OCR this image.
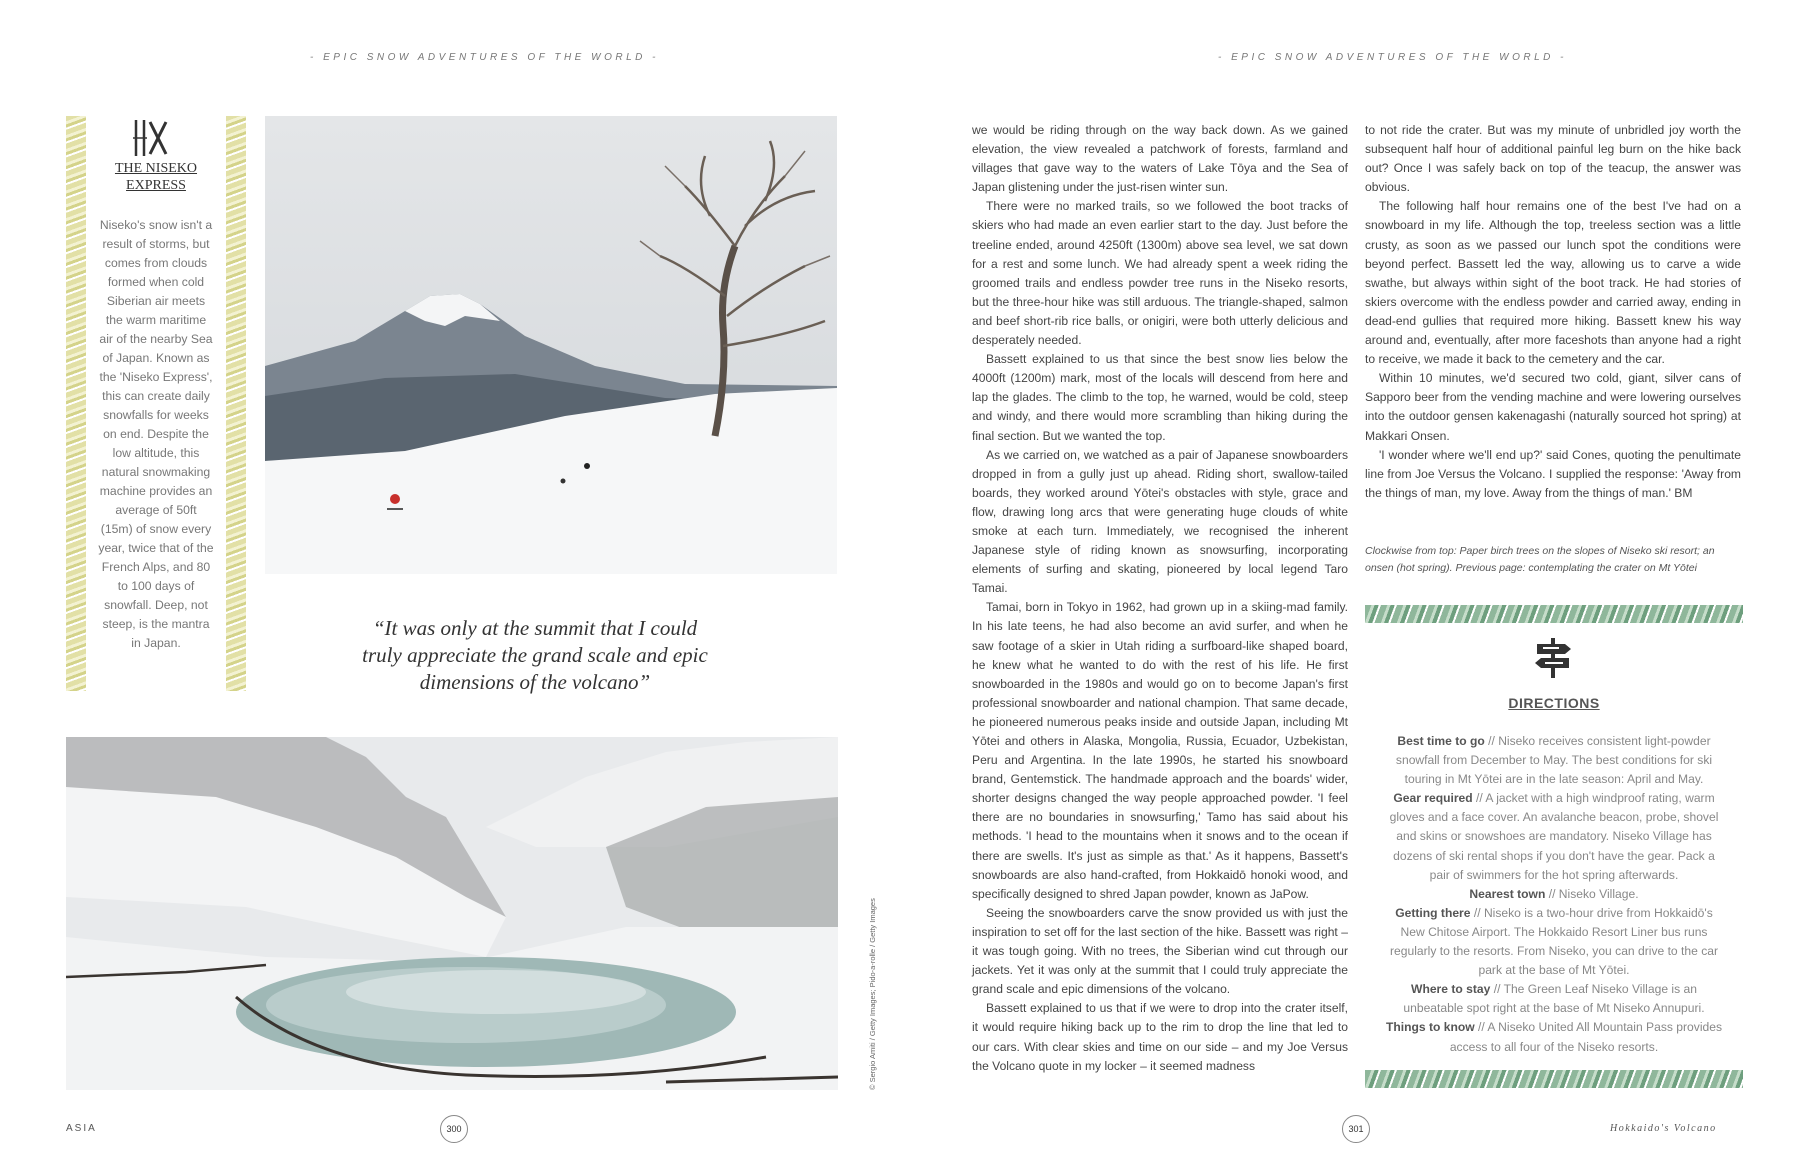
- EPIC SNOW ADVENTURES OF THE WORLD -	- EPIC SNOW ADVENTURES OF THE WORLD -
THE NISEKO
EXPRESS
Niseko's snow isn't a result of storms, but comes from clouds formed when cold Siberian air meets the warm maritime air of the nearby Sea of Japan. Known as the 'Niseko Express', this can create daily snowfalls for weeks on end. Despite the low altitude, this natural snowmaking machine provides an average of 50ft (15m) of snow every year, twice that of the French Alps, and 80 to 100 days of snowfall. Deep, not steep, is the mantra in Japan.
“It was only at the summit that I could truly appreciate the grand scale and epic dimensions of the volcano”
© Sergio Amiti / Getty Images; Pido-a-rolle / Getty Images

we would be riding through on the way back down. As we gained elevation, the view revealed a patchwork of forests, farmland and villages that gave way to the waters of Lake Tōya and the Sea of Japan glistening under the just-risen winter sun.

There were no marked trails, so we followed the boot tracks of skiers who had made an even earlier start to the day. Just before the treeline ended, around 4250ft (1300m) above sea level, we sat down for a rest and some lunch. We had already spent a week riding the groomed trails and endless powder tree runs in the Niseko resorts, but the three-hour hike was still arduous. The triangle-shaped, salmon and beef short-rib rice balls, or onigiri, were both utterly delicious and desperately needed.

Bassett explained to us that since the best snow lies below the 4000ft (1200m) mark, most of the locals will descend from here and lap the glades. The climb to the top, he warned, would be cold, steep and windy, and there would more scrambling than hiking during the final section. But we wanted the top.

As we carried on, we watched as a pair of Japanese snowboarders dropped in from a gully just up ahead. Riding short, swallow-tailed boards, they worked around Yōtei's obstacles with style, grace and flow, drawing long arcs that were generating huge clouds of white smoke at each turn. Immediately, we recognised the inherent Japanese style of riding known as snowsurfing, incorporating elements of surfing and skating, pioneered by local legend Taro Tamai.

Tamai, born in Tokyo in 1962, had grown up in a skiing-mad family. In his late teens, he had also become an avid surfer, and when he saw footage of a skier in Utah riding a surfboard-like shaped board, he knew what he wanted to do with the rest of his life. He first snowboarded in the 1980s and would go on to become Japan's first professional snowboarder and national champion. That same decade, he pioneered numerous peaks inside and outside Japan, including Mt Yōtei and others in Alaska, Mongolia, Russia, Ecuador, Uzbekistan, Peru and Argentina. In the late 1990s, he started his snowboard brand, Gentemstick. The handmade approach and the boards' wider, shorter designs changed the way people approached powder. 'I feel there are no boundaries in snowsurfing,' Tamo has said about his methods. 'I head to the mountains when it snows and to the ocean if there are swells. It's just as simple as that.' As it happens, Bassett's snowboards are also hand-crafted, from Hokkaidō honoki wood, and specifically designed to shred Japan powder, known as JaPow.

Seeing the snowboarders carve the snow provided us with just the inspiration to set off for the last section of the hike. Bassett was right – it was tough going. With no trees, the Siberian wind cut through our jackets. Yet it was only at the summit that I could truly appreciate the grand scale and epic dimensions of the volcano.

Bassett explained to us that if we were to drop into the crater itself, it would require hiking back up to the rim to drop the line that led to our cars. With clear skies and time on our side – and my Joe Versus the Volcano quote in my locker – it seemed madness

to not ride the crater. But was my minute of unbridled joy worth the subsequent half hour of additional painful leg burn on the hike back out? Once I was safely back on top of the teacup, the answer was obvious.

The following half hour remains one of the best I've had on a snowboard in my life. Although the top, treeless section was a little crusty, as soon as we passed our lunch spot the conditions were beyond perfect. Bassett led the way, allowing us to carve a wide swathe, but always within sight of the boot track. He had stories of skiers overcome with the endless powder and carried away, ending in dead-end gullies that required more hiking. Bassett knew his way around and, eventually, after more faceshots than anyone had a right to receive, we made it back to the cemetery and the car.

Within 10 minutes, we'd secured two cold, giant, silver cans of Sapporo beer from the vending machine and were lowering ourselves into the outdoor gensen kakenagashi (naturally sourced hot spring) at Makkari Onsen.

'I wonder where we'll end up?' said Cones, quoting the penultimate line from Joe Versus the Volcano. I supplied the response: 'Away from the things of man, my love. Away from the things of man.' BM

Clockwise from top: Paper birch trees on the slopes of Niseko ski resort; an onsen (hot spring). Previous page: contemplating the crater on Mt Yōtei
DIRECTIONS
Best time to go // Niseko receives consistent light-powder snowfall from December to May. The best conditions for ski touring in Mt Yōtei are in the late season: April and May.
Gear required // A jacket with a high windproof rating, warm gloves and a face cover. An avalanche beacon, probe, shovel and skins or snowshoes are mandatory. Niseko Village has dozens of ski rental shops if you don't have the gear. Pack a pair of swimmers for the hot spring afterwards.
Nearest town // Niseko Village.
Getting there // Niseko is a two-hour drive from Hokkaidō's New Chitose Airport. The Hokkaido Resort Liner bus runs regularly to the resorts. From Niseko, you can drive to the car park at the base of Mt Yōtei.
Where to stay // The Green Leaf Niseko Village is an unbeatable spot right at the base of Mt Niseko Annupuri.
Things to know // A Niseko United All Mountain Pass provides access to all four of the Niseko resorts.
ASIA	300	301	Hokkaido's Volcano
